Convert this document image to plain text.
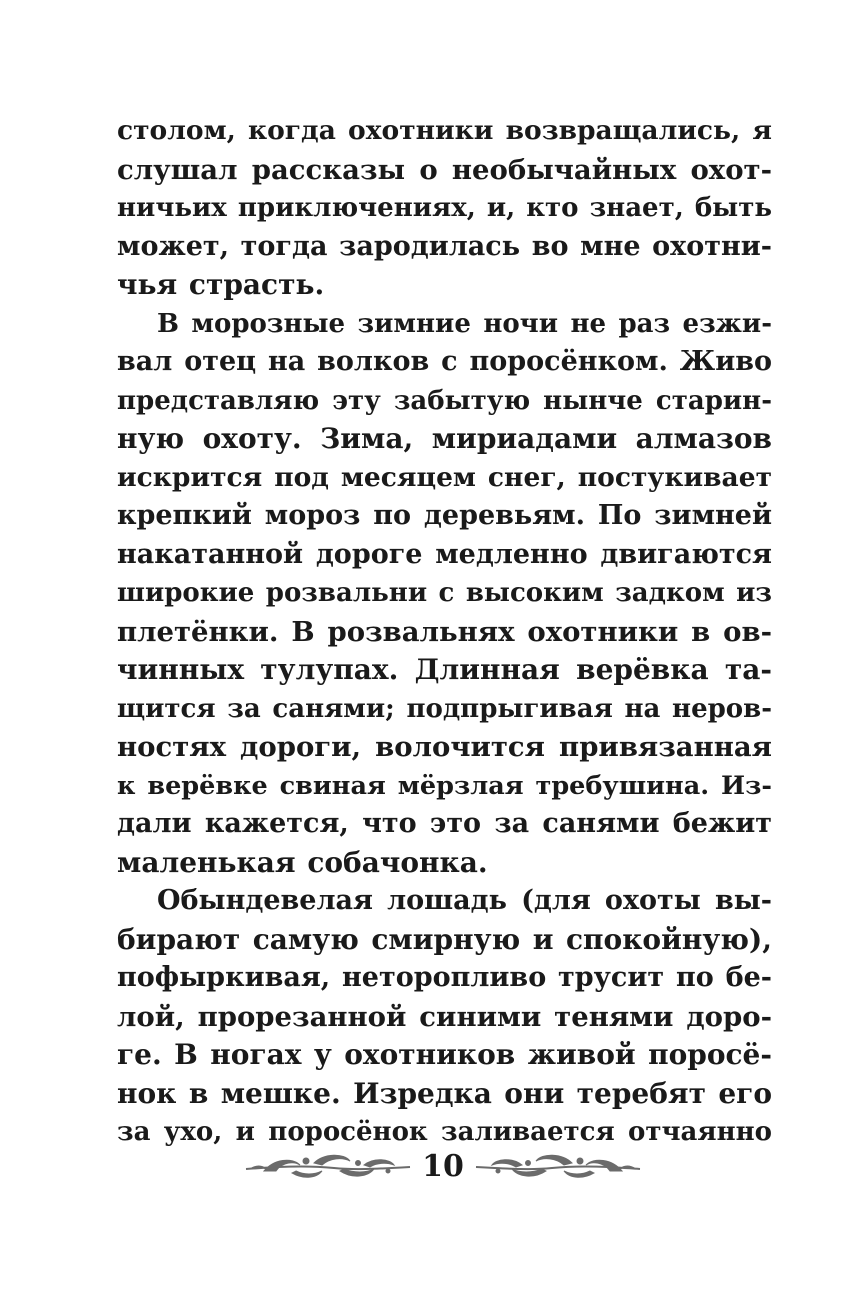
столом, когда охотники возвращались, я
слушал рассказы о необычайных охот-
ничьих приключениях, и, кто знает, быть
может, тогда зародилась во мне охотни-
чья страсть.
В морозные зимние ночи не раз езжи-
вал отец на волков с поросёнком. Живо
представляю эту забытую нынче старин-
ную охоту. Зима, мириадами алмазов
искрится под месяцем снег, постукивает
крепкий мороз по деревьям. По зимней
накатанной дороге медленно двигаются
широкие розвальни с высоким задком из
плетёнки. В розвальнях охотники в ов-
чинных тулупах. Длинная верёвка та-
щится за санями; подпрыгивая на неров-
ностях дороги, волочится привязанная
к верёвке свиная мёрзлая требушина. Из-
дали кажется, что это за санями бежит
маленькая собачонка.
Обындевелая лошадь (для охоты вы-
бирают самую смирную и спокойную),
пофыркивая, неторопливо трусит по бе-
лой, прорезанной синими тенями доро-
ге. В ногах у охотников живой поросё-
нок в мешке. Изредка они теребят его
за ухо, и поросёнок заливается отчаянно
10
